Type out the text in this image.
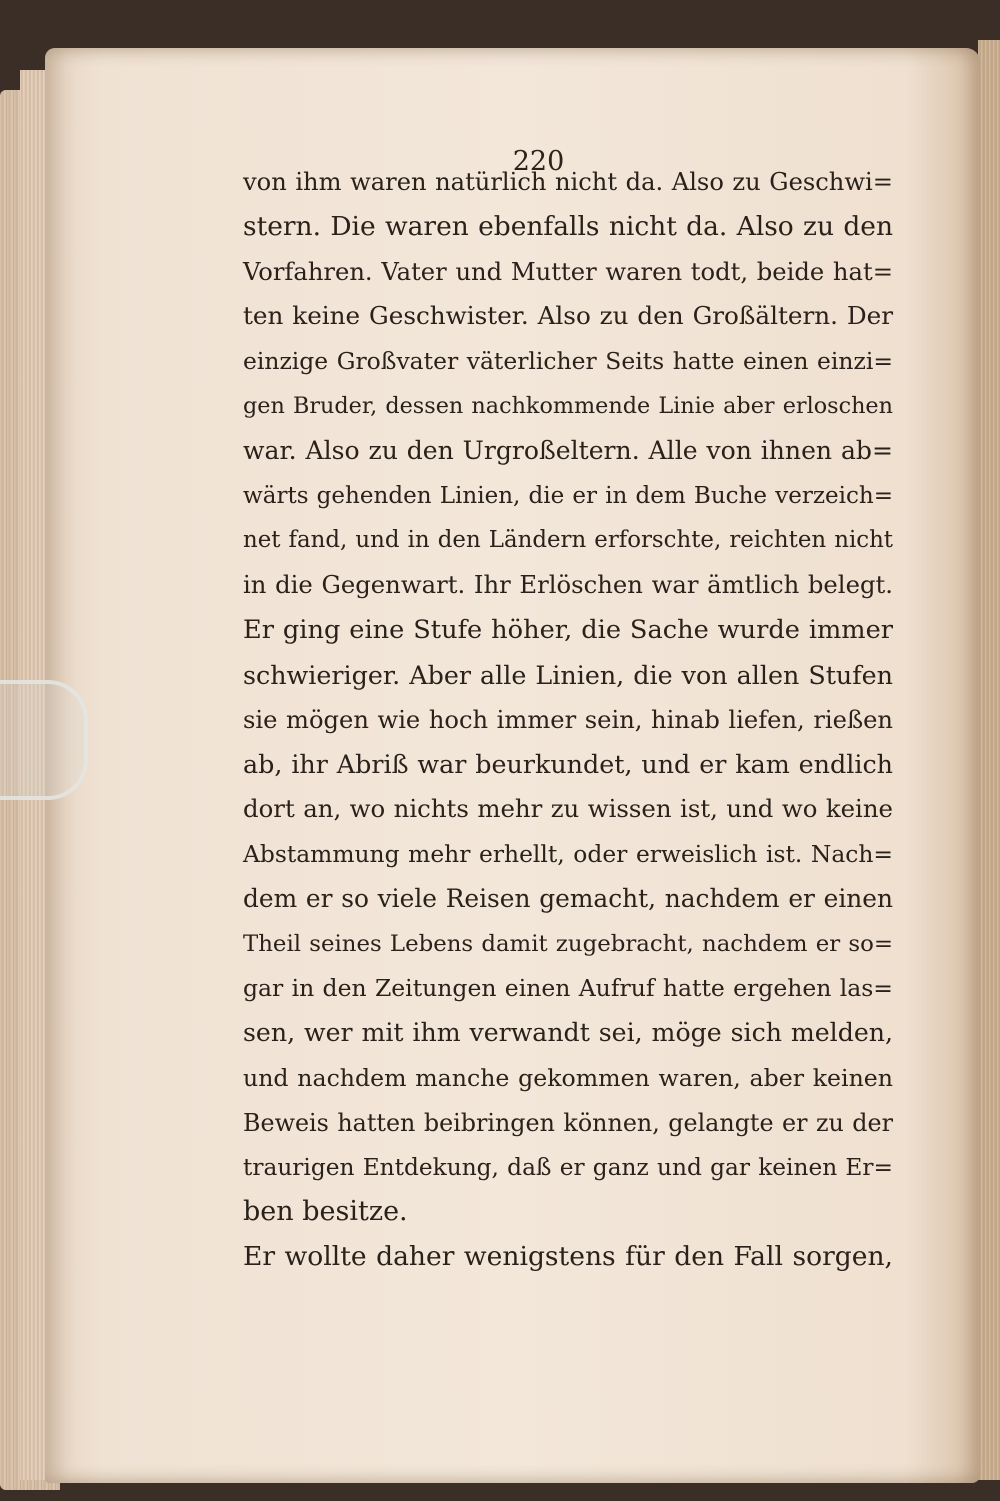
220
von ihm waren natürlich nicht da. Also zu Geschwi=
stern. Die waren ebenfalls nicht da. Also zu den
Vorfahren. Vater und Mutter waren todt, beide hat=
ten keine Geschwister. Also zu den Großältern. Der
einzige Großvater väterlicher Seits hatte einen einzi=
gen Bruder, dessen nachkommende Linie aber erloschen
war. Also zu den Urgroßeltern. Alle von ihnen ab=
wärts gehenden Linien, die er in dem Buche verzeich=
net fand, und in den Ländern erforschte, reichten nicht
in die Gegenwart. Ihr Erlöschen war ämtlich belegt.
Er ging eine Stufe höher, die Sache wurde immer
schwieriger. Aber alle Linien, die von allen Stufen
sie mögen wie hoch immer sein, hinab liefen, rießen
ab, ihr Abriß war beurkundet, und er kam endlich
dort an, wo nichts mehr zu wissen ist, und wo keine
Abstammung mehr erhellt, oder erweislich ist. Nach=
dem er so viele Reisen gemacht, nachdem er einen
Theil seines Lebens damit zugebracht, nachdem er so=
gar in den Zeitungen einen Aufruf hatte ergehen las=
sen, wer mit ihm verwandt sei, möge sich melden,
und nachdem manche gekommen waren, aber keinen
Beweis hatten beibringen können, gelangte er zu der
traurigen Entdekung, daß er ganz und gar keinen Er=
ben besitze.
Er wollte daher wenigstens für den Fall sorgen,
